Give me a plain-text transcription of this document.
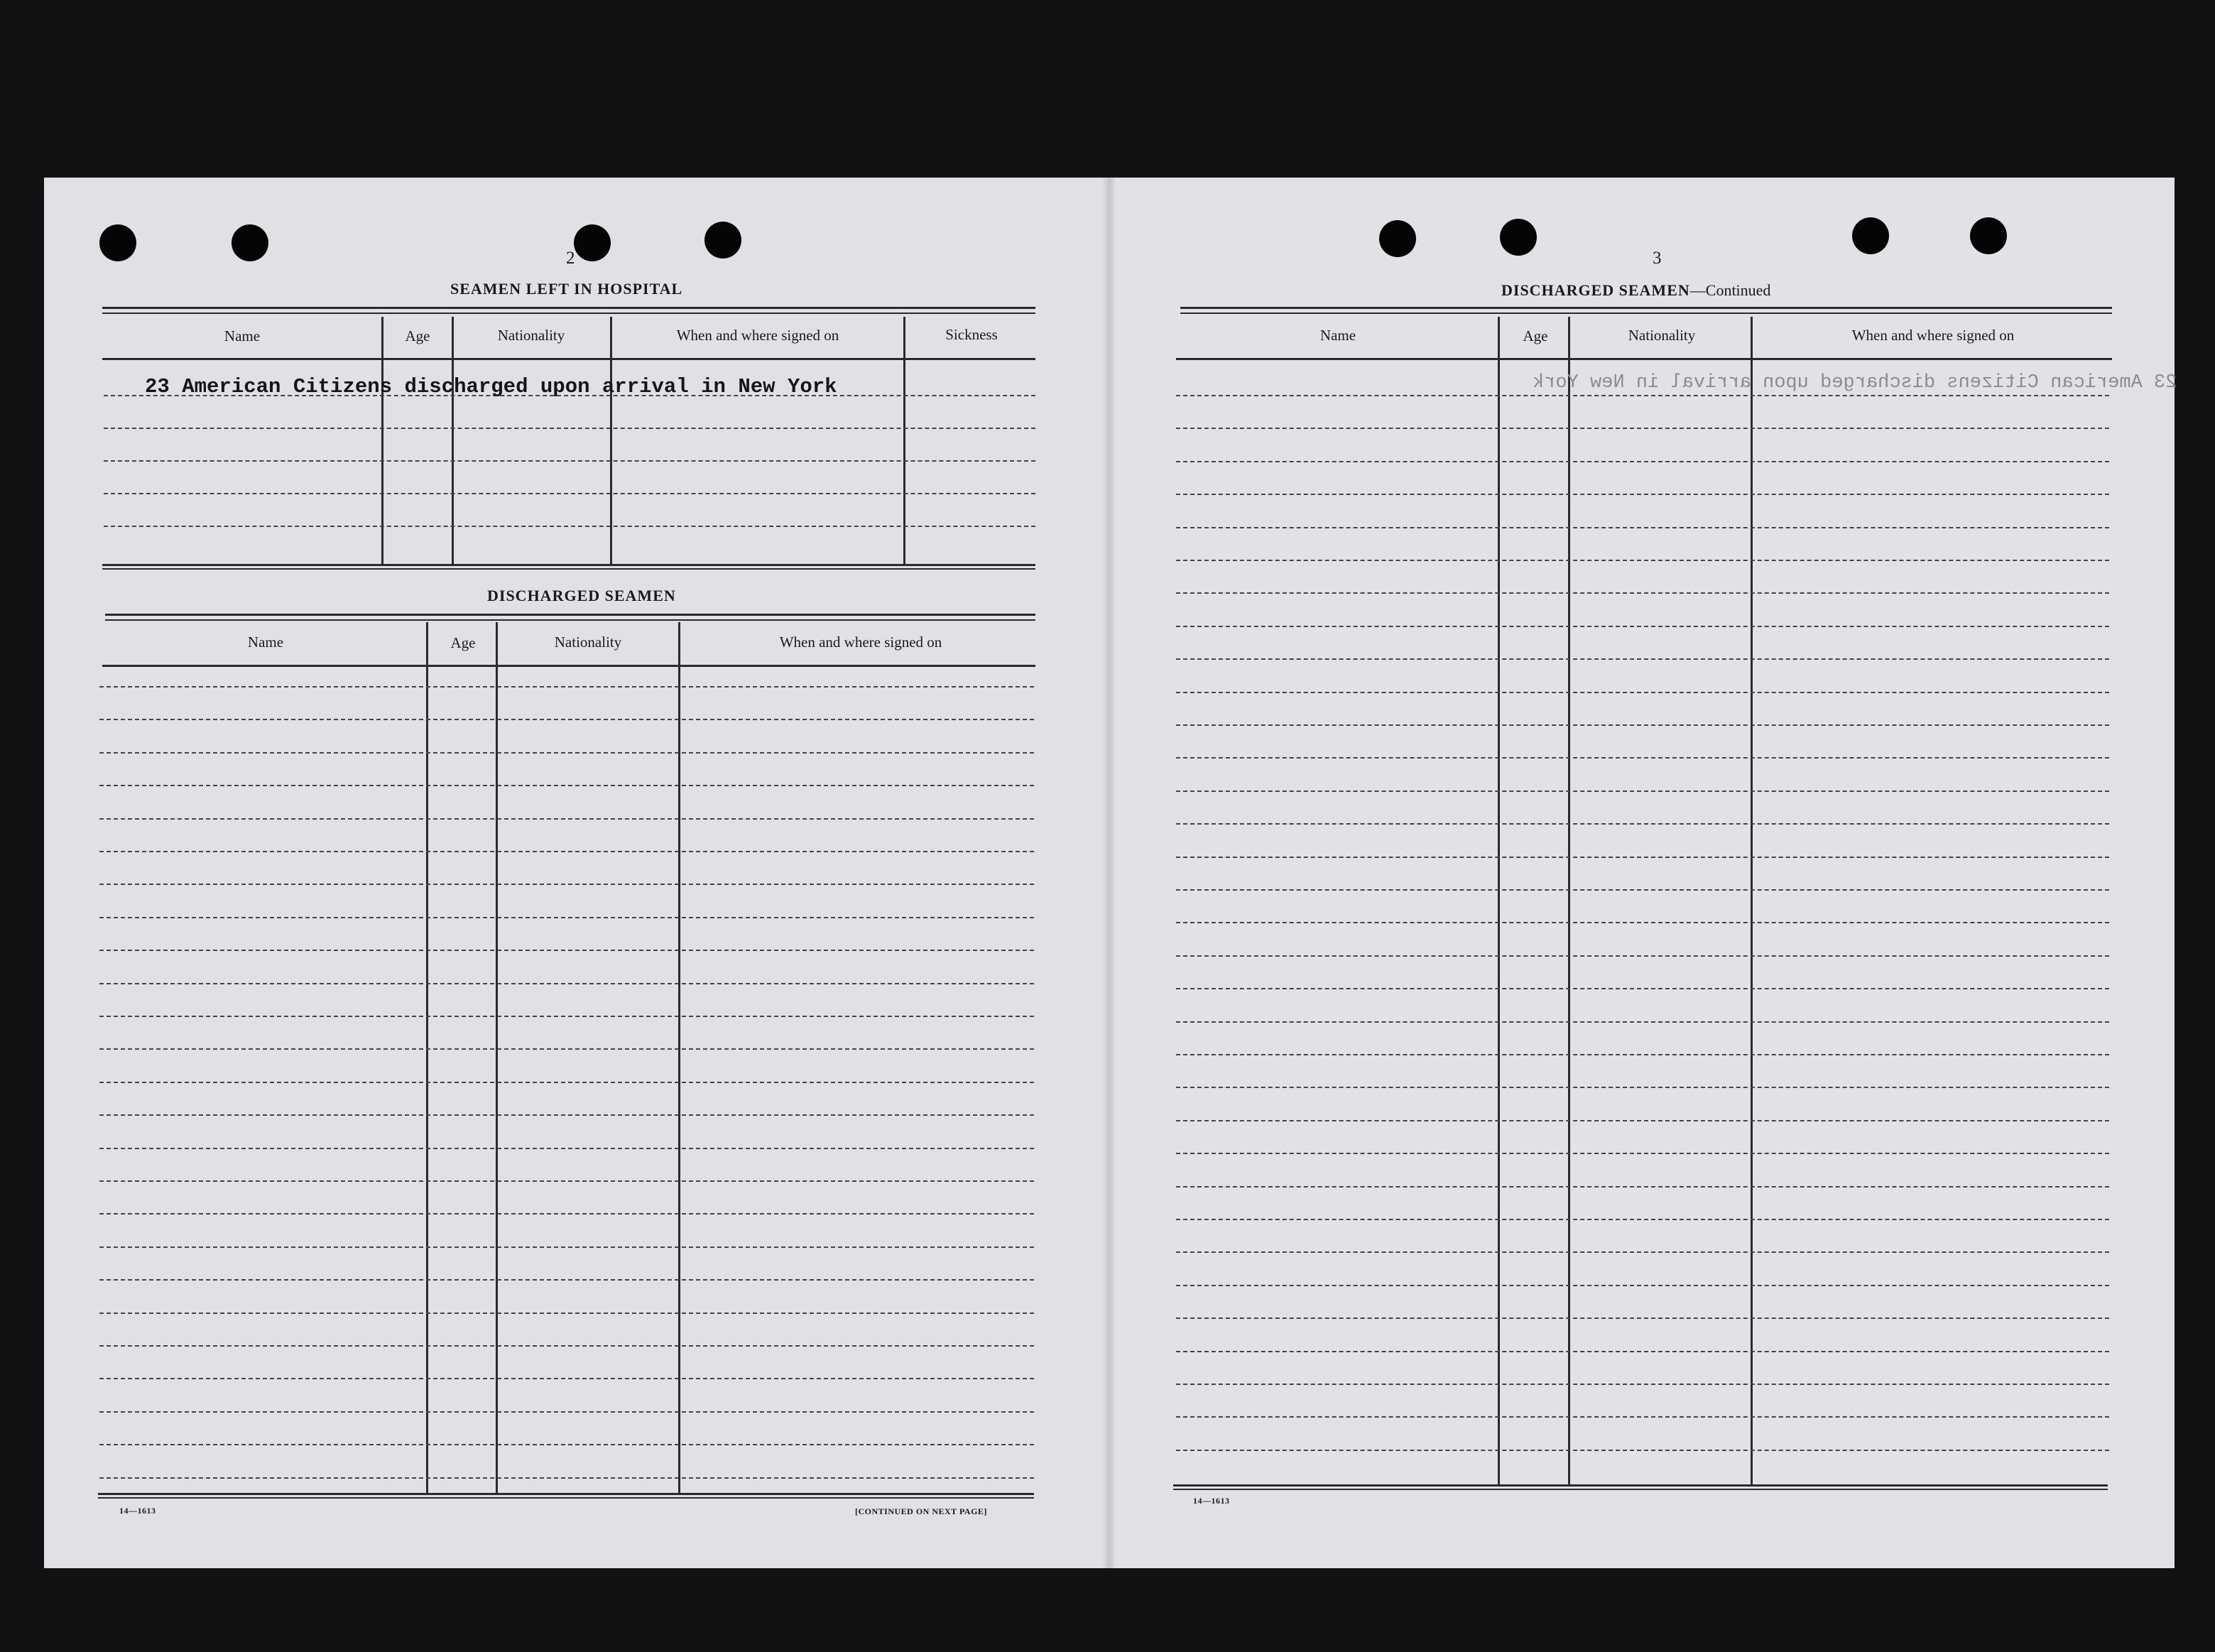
2
SEAMEN LEFT IN HOSPITAL
Name	Age	Nationality	When and where signed on	Sickness
23 American Citizens discharged upon arrival in New York
DISCHARGED SEAMEN
Name	Age	Nationality	When and where signed on
14—1613	[CONTINUED ON NEXT PAGE]
3
DISCHARGED SEAMEN—Continued
Name	Age	Nationality	When and where signed on
23 American Citizens discharged upon arrival in New York
14—1613
